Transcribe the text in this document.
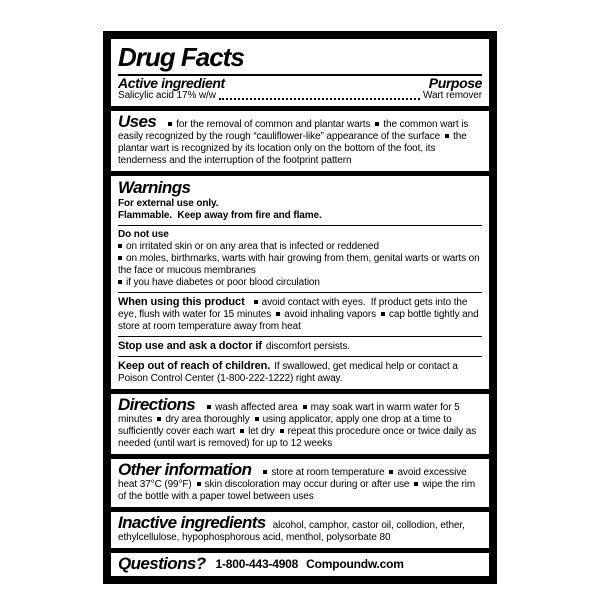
Drug Facts
Active ingredient	Purpose
Salicylic acid 17% w/w	Wart remover
Uses for the removal of common and plantar warts the common wart is easily recognized by the rough “cauliflower-like” appearance of the surface the plantar wart is recognized by its location only on the bottom of the foot, its tenderness and the interruption of the footprint pattern
Warnings
For external use only.
Flammable.  Keep away from fire and flame.
Do not use
on irritated skin or on any area that is infected or reddened
on moles, birthmarks, warts with hair growing from them, genital warts or warts on the face or mucous membranes
if you have diabetes or poor blood circulation
When using this product avoid contact with eyes.  If product gets into the eye, flush with water for 15 minutes avoid inhaling vapors cap bottle tightly and store at room temperature away from heat
Stop use and ask a doctor if discomfort persists.
Keep out of reach of children. If swallowed, get medical help or contact a Poison Control Center (1-800-222-1222) right away.
Directions wash affected area may soak wart in warm water for 5 minutes dry area thoroughly using applicator, apply one drop at a time to sufficiently cover each wart let dry repeat this procedure once or twice daily as needed (until wart is removed) for up to 12 weeks
Other information store at room temperature avoid excessive heat 37°C (99°F) skin discoloration may occur during or after use wipe the rim of the bottle with a paper towel between uses
Inactive ingredients alcohol, camphor, castor oil, collodion, ether, ethylcellulose, hypophosphorous acid, menthol, polysorbate 80
Questions? 1-800-443-4908 Compoundw.com
